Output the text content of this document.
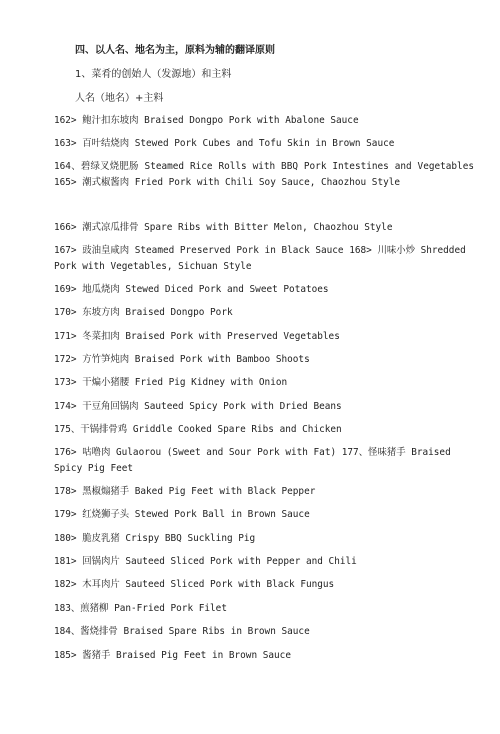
四、以人名、地名为主，原料为辅的翻译原则
1、菜肴的创始人（发源地）和主料
人名（地名）+主料
162> 鲍汁扣东坡肉 Braised Dongpo Pork with Abalone Sauce
163> 百叶结烧肉 Stewed Pork Cubes and Tofu Skin in Brown Sauce
164、碧绿叉烧肥肠 Steamed Rice Rolls with BBQ Pork Intestines and Vegetables 165> 潮式椒酱肉 Fried Pork with Chili Soy Sauce, Chaozhou Style
166> 潮式凉瓜排骨 Spare Ribs with Bitter Melon, Chaozhou Style
167> 豉油皇咸肉 Steamed Preserved Pork in Black Sauce 168> 川味小炒 Shredded Pork with Vegetables, Sichuan Style
169> 地瓜烧肉 Stewed Diced Pork and Sweet Potatoes
170> 东坡方肉 Braised Dongpo Pork
171> 冬菜扣肉 Braised Pork with Preserved Vegetables
172> 方竹笋炖肉 Braised Pork with Bamboo Shoots
173> 干煸小猪腰 Fried Pig Kidney with Onion
174> 干豆角回锅肉 Sauteed Spicy Pork with Dried Beans
175、干锅排骨鸡 Griddle Cooked Spare Ribs and Chicken
176> 咕噜肉 Gulaorou (Sweet and Sour Pork with Fat) 177、怪味猪手 Braised Spicy Pig Feet
178> 黑椒煽猪手 Baked Pig Feet with Black Pepper
179> 红烧狮子头 Stewed Pork Ball in Brown Sauce
180> 脆皮乳猪 Crispy BBQ Suckling Pig
181> 回锅肉片 Sauteed Sliced Pork with Pepper and Chili
182> 木耳肉片 Sauteed Sliced Pork with Black Fungus
183、煎猪柳 Pan-Fried Pork Filet
184、酱烧排骨 Braised Spare Ribs in Brown Sauce
185> 酱猪手 Braised Pig Feet in Brown Sauce
